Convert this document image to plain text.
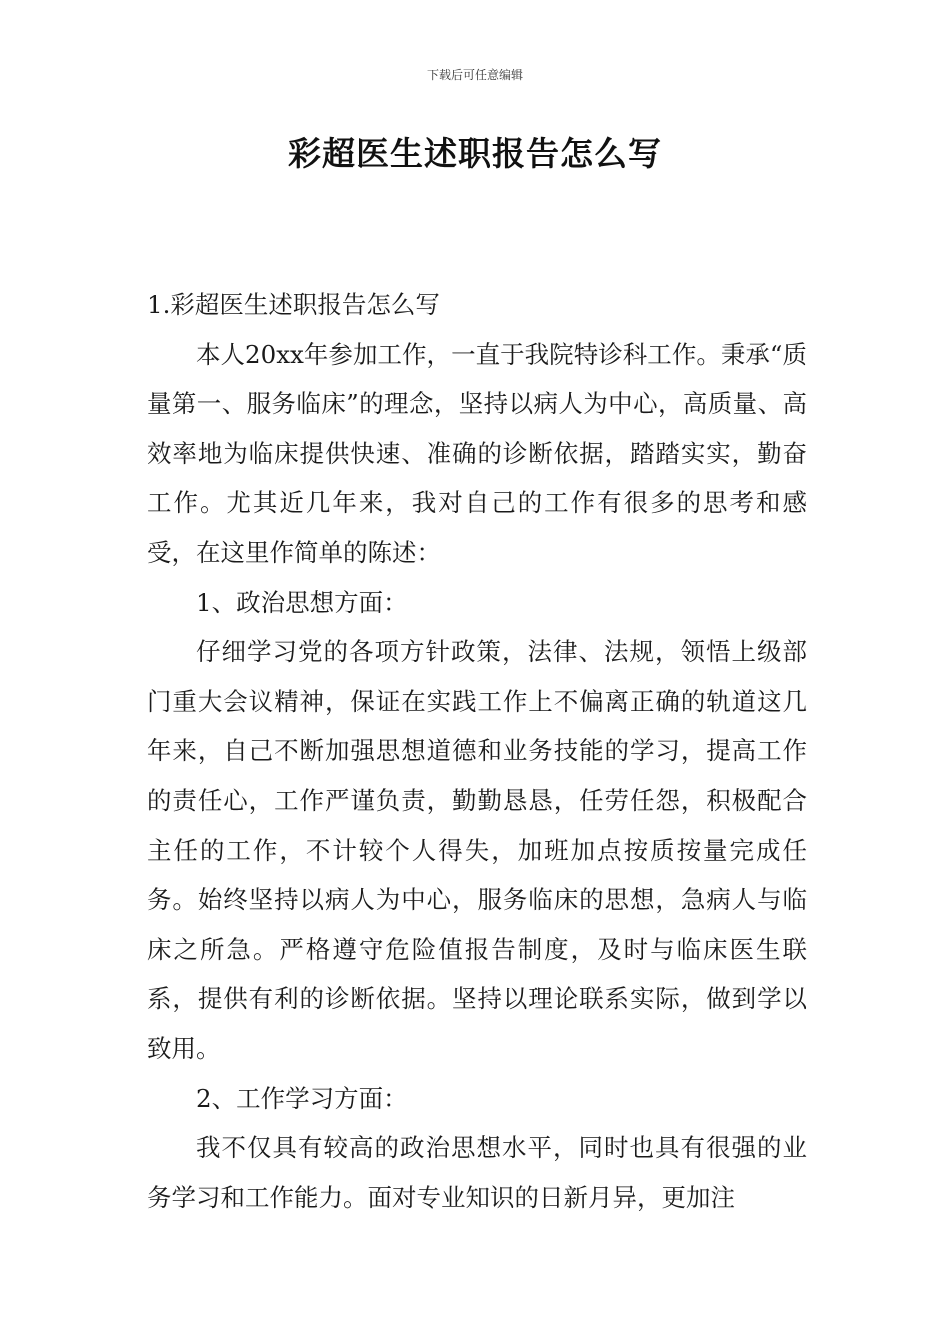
下载后可任意编辑
彩超医生述职报告怎么写

1.彩超医生述职报告怎么写

本人20xx年参加工作，一直于我院特诊科工作。秉承“质量第一、服务临床”的理念，坚持以病人为中心，高质量、高效率地为临床提供快速、准确的诊断依据，踏踏实实，勤奋工作。尤其近几年来，我对自己的工作有很多的思考和感受，在这里作简单的陈述：

1、政治思想方面：

仔细学习党的各项方针政策，法律、法规，领悟上级部门重大会议精神，保证在实践工作上不偏离正确的轨道这几年来，自己不断加强思想道德和业务技能的学习，提高工作的责任心，工作严谨负责，勤勤恳恳，任劳任怨，积极配合主任的工作，不计较个人得失，加班加点按质按量完成任务。始终坚持以病人为中心，服务临床的思想，急病人与临床之所急。严格遵守危险值报告制度，及时与临床医生联系，提供有利的诊断依据。坚持以理论联系实际，做到学以致用。

2、工作学习方面：

我不仅具有较高的政治思想水平，同时也具有很强的业务学习和工作能力。面对专业知识的日新月异，更加注
